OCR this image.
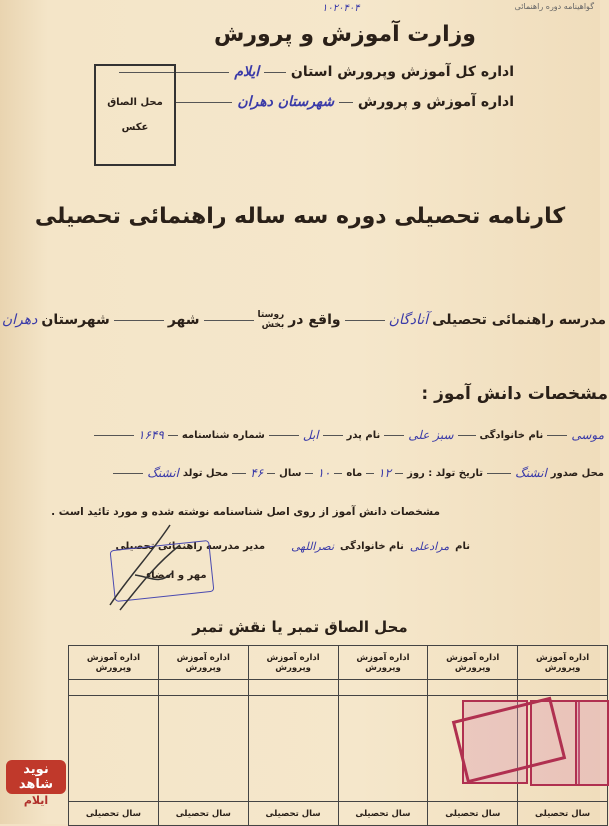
گواهینامه دوره راهنمائی
۱۰۲۰۴۰۴
وزارت آموزش و پرورش
اداره کل آموزش وپرورش استان  ایلام
اداره آموزش و پرورش  شهرستان دهران
محل الصاق
عکس
کارنامه تحصیلی دوره سه ساله راهنمائی تحصیلی
مدرسه راهنمائی تحصیلی
آنادگان
واقع در
روستا
بخش
شهر
شهرستان
دهران
مشخصات دانش آموز :
موسی
نام خانوادگی
سبز علی
نام پدر
ابل
شماره شناسنامه
۱۶۴۹
محل صدور
انشنگ
تاریخ تولد : روز
۱۲
ماه
۱۰
سال
۴۶
محل تولد
انشنگ
مشخصات دانش آموز از روی اصل شناسنامه نوشته شده و مورد تائید است .
نام
مرادعلی
نام خانوادگی
نصراللهی
مدیر مدرسه راهنمائی تحصیلی
مهر و امضاء
محل الصاق تمبر یا نقش تمبر
اداره آموزش وپرورش	اداره آموزش وپرورش	اداره آموزش وپرورش	اداره آموزش وپرورش	اداره آموزش وپرورش	اداره آموزش وپرورش

سال تحصیلی	سال تحصیلی	سال تحصیلی	سال تحصیلی	سال تحصیلی	سال تحصیلی
نوید شاهد
ایلام
